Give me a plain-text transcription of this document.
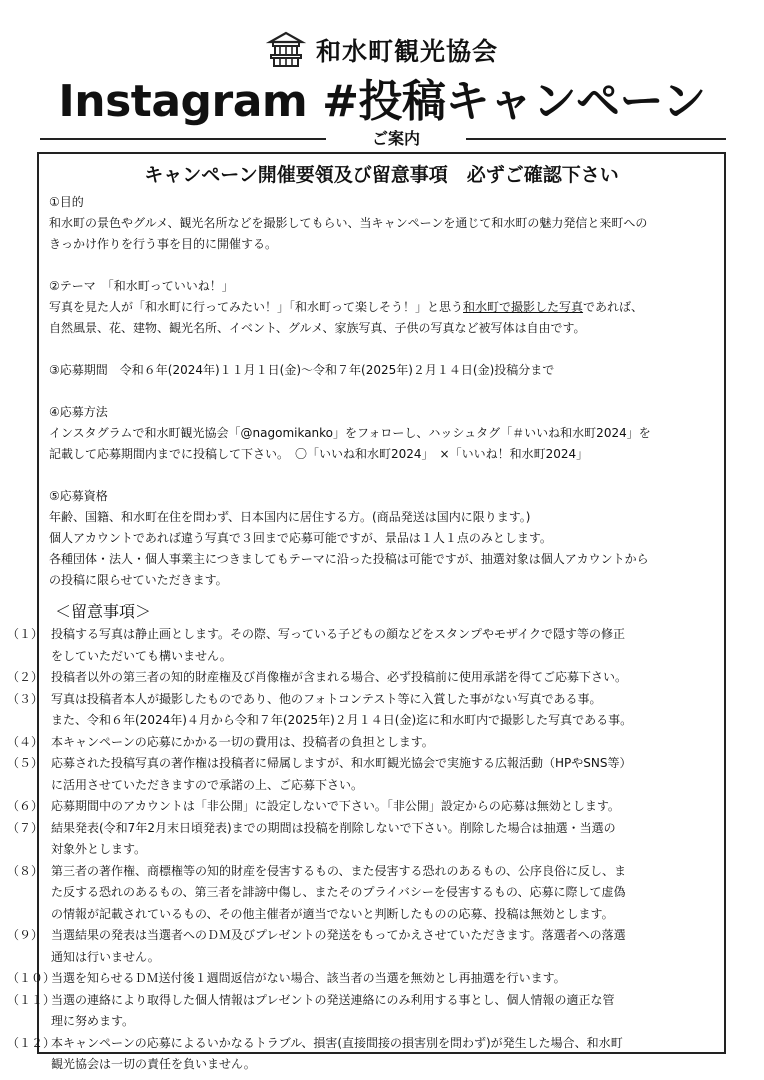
和水町観光協会
Instagram #投稿キャンペーン
ご案内
キャンペーン開催要領及び留意事項　必ずご確認下さい

①目的

和水町の景色やグルメ、観光名所などを撮影してもらい、当キャンペーンを通じて和水町の魅力発信と来町への

きっかけ作りを行う事を目的に開催する。

②テーマ　「和水町っていいね！」

写真を見た人が「和水町に行ってみたい！」「和水町って楽しそう！」と思う和水町で撮影した写真であれば、

自然風景、花、建物、観光名所、イベント、グルメ、家族写真、子供の写真など被写体は自由です。

③応募期間　令和６年(2024年)１１月１日(金)～令和７年(2025年)２月１４日(金)投稿分まで

④応募方法

インスタグラムで和水町観光協会「@nagomikanko」をフォローし、ハッシュタグ「＃いいね和水町2024」を

記載して応募期間内までに投稿して下さい。　〇「いいね和水町2024」　×「いいね！和水町2024」

⑤応募資格

年齢、国籍、和水町在住を問わず、日本国内に居住する方。(商品発送は国内に限ります。)

個人アカウントであれば違う写真で３回まで応募可能ですが、景品は１人１点のみとします。

各種団体・法人・個人事業主につきましてもテーマに沿った投稿は可能ですが、抽選対象は個人アカウントから

の投稿に限らせていただきます。

＜留意事項＞
（１） 投稿する写真は静止画とします。その際、写っている子どもの顔などをスタンプやモザイクで隠す等の修正

をしていただいても構いません。

（２） 投稿者以外の第三者の知的財産権及び肖像権が含まれる場合、必ず投稿前に使用承諾を得てご応募下さい。

（３） 写真は投稿者本人が撮影したものであり、他のフォトコンテスト等に入賞した事がない写真である事。

また、令和６年(2024年)４月から令和７年(2025年)２月１４日(金)迄に和水町内で撮影した写真である事。

（４） 本キャンペーンの応募にかかる一切の費用は、投稿者の負担とします。

（５） 応募された投稿写真の著作権は投稿者に帰属しますが、和水町観光協会で実施する広報活動（HPやSNS等）

に活用させていただきますので承諾の上、ご応募下さい。

（６） 応募期間中のアカウントは「非公開」に設定しないで下さい。「非公開」設定からの応募は無効とします。

（７） 結果発表(令和7年2月末日頃発表)までの期間は投稿を削除しないで下さい。削除した場合は抽選・当選の

対象外とします。

（８） 第三者の著作権、商標権等の知的財産を侵害するもの、また侵害する恐れのあるもの、公序良俗に反し、ま

た反する恐れのあるもの、第三者を誹謗中傷し、またそのプライバシーを侵害するもの、応募に際して虚偽

の情報が記載されているもの、その他主催者が適当でないと判断したものの応募、投稿は無効とします。

（９） 当選結果の発表は当選者へのＤＭ及びプレゼントの発送をもってかえさせていただきます。落選者への落選

通知は行いません。

（１０）

当選を知らせるＤＭ送付後１週間返信がない場合、該当者の当選を無効とし再抽選を行います。

（１１）

当選の連絡により取得した個人情報はプレゼントの発送連絡にのみ利用する事とし、個人情報の適正な管

理に努めます。

（１２）

本キャンペーンの応募によるいかなるトラブル、損害(直接間接の損害別を問わず)が発生した場合、和水町

観光協会は一切の責任を負いません。
